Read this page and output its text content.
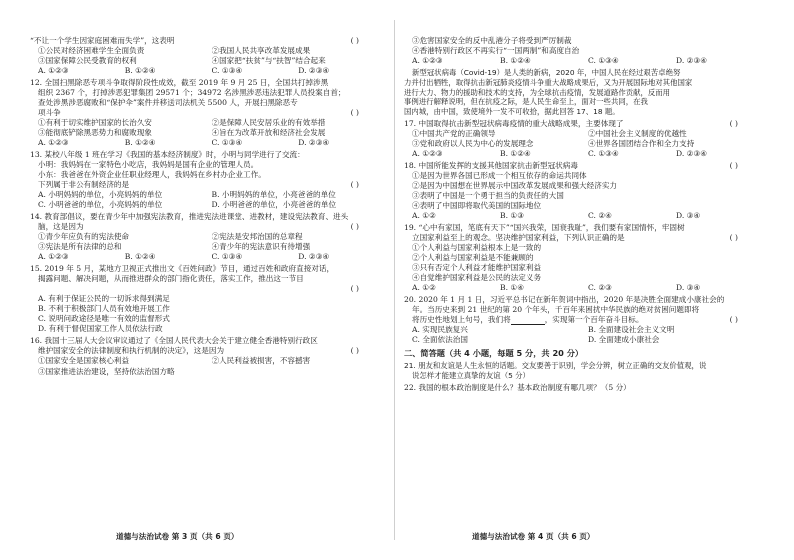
“不让一个学生因家庭困难而失学”，这表明	( )
①公民对经济困难学生全面负责	②我国人民共享改革发展成果
③国家保障公民受教育的权利	④国家把“扶贫”与“扶智”结合起来
A. ①②③	B. ①②④	C. ①③④	D. ②③④
12. 全国扫黑除恶专项斗争取得阶段性成效，截至 2019 年 9 月 25 日，全国共打掉涉黑
组织 2367 个，打掉涉恶犯罪集团 29571 个；34972 名涉黑涉恶违法犯罪人员投案自首；
查处涉黑涉恶腐败和“保护伞”案件并移送司法机关 5500 人，开展扫黑除恶专
项斗争	( )
①有利于切实维护国家的长治久安	②是保障人民安居乐业的有效举措
③能彻底铲除黑恶势力和腐败现象	④旨在为改革开放和经济社会发展
A. ①②③	B. ①②④	C. ①③④	D. ②③④
13. 某校八年级 1 班在学习《我国的基本经济制度》时，小明与同学进行了交流：
小明：我妈妈在一家特色小吃店，我妈妈是国有企业的管理人员。
小东：我爸爸在外资企业任职业经理人，我妈妈在乡村办企业工作。
下列属于非公有制经济的是	( )
A. 小明妈妈的单位，小亮妈妈的单位	B. 小明妈妈的单位，小亮爸爸的单位
C. 小明爸爸的单位，小亮妈妈的单位	D. 小明爸爸的单位，小亮爸爸的单位
14. 教育部倡议，要在青少年中加强宪法教育，推进宪法进课堂、进教材，建设宪法教育、进头
脑，这是因为	( )
①青少年应负有的宪法使命	②宪法是安邦治国的总章程
③宪法是所有法律的总和	④青少年的宪法意识有待增强
A. ①②③	B. ①②④	C. ①③④	D. ②③④
15. 2019 年 5 月，某地方卫视正式推出文《百姓问政》节目，通过百姓和政府直接对话，
揭露问题、解决问题，从而推进群众的部门指化责任，落实工作，推出这一节目
( )
A. 有利于保证公民的一切诉求得到满足
B. 不利于积极部门人员有效地开展工作
C. 说明问政途径是唯一有效的监督形式
D. 有利于督促国家工作人员依法行政
16. 我国十三届人大会议审议通过了《全国人民代表大会关于建立健全香港特别行政区
维护国家安全的法律制度和执行机制的决定》，这是因为	( )
①国家安全是国家核心利益	②人民利益被损害，不容撼害
③国家推进法治建设，坚持依法治国方略
③危害国家安全的反中乱港分子将受到严厉制裁
④香港特别行政区不再实行“一国两制”和高度自治
A. ①②③	B. ①②④	C. ①③④	D. ②③④
新型冠状病毒（Covid-19）是人类的新病，2020 年，中国人民在经过艰苦卓绝努
力并付出牺牲，取得抗击新冠肺炎疫情斗争重大战略成果后，又为开展国际地对其他国家
进行大力、物力的援助和技术的支持，为全球抗击疫情，发展道路作贡献，反而用
事例进行解释说明，但在抗疫之际，是人民生命至上，面对一些共同，在我
国内城，由中国，致使境外一发不可收拾，据此回答 17、18 题。
17. 中国取得抗击新型冠状病毒疫情的重大战略成果，主要体现了	( )
①中国共产党的正确领导	②中国社会主义制度的优越性
③党和政府以人民为中心的发展理念	④世界各国团结合作和全力支持
A. ①②③	B. ①②④	C. ①③④	D. ②③④
18. 中国所能发挥的支援其他国家抗击新型冠状病毒	( )
①是因为世界各国已形成一个相互依存的命运共同体
②是因为中国想在世界展示中国改革发展成果和强大经济实力
③表明了中国是一个勇于担当的负责任的大国
④表明了中国即将取代美国的国际地位
A. ①②	B. ①③	C. ②④	D. ③④
19. “心中有家国，笔底有天下”“国兴我荣，国衰我耻”，我们要有家国情怀，牢固树
立国家利益至上的观念。坚决维护国家利益，下列认识正确的是	( )
①个人利益与国家利益根本上是一致的
②个人利益与国家利益是不能兼顾的
③只有否定个人利益才能维护国家利益
④自觉维护国家利益是公民的法定义务
A. ①②	B. ①④	C. ②③	D. ③④
20. 2020 年 1 月 1 日，习近平总书记在新年贺词中指出，2020 年是决胜全面建成小康社会的
年。当历史来到 21 世纪的第 20 个年头，千百年来困扰中华民族的绝对贫困问题即将
将历史性地划上句号，我们将	，实现第一个百年奋斗目标。	( )
A. 实现民族复兴	B. 全面建设社会主义文明
C. 全面依法治国	D. 全面建成小康社会
二、简答题（共 4 小题，每题 5 分，共 20 分）
21. 朋友和友谊是人生永恒的话题。交友要善于识别，学会分辨，树立正确的交友价值观，说
说怎样才能建立真挚的友谊（5 分）
22. 我国的根本政治制度是什么？基本政治制度有哪几项？（5 分）
道德与法治试卷 第 3 页（共 6 页）	道德与法治试卷 第 4 页（共 6 页）
